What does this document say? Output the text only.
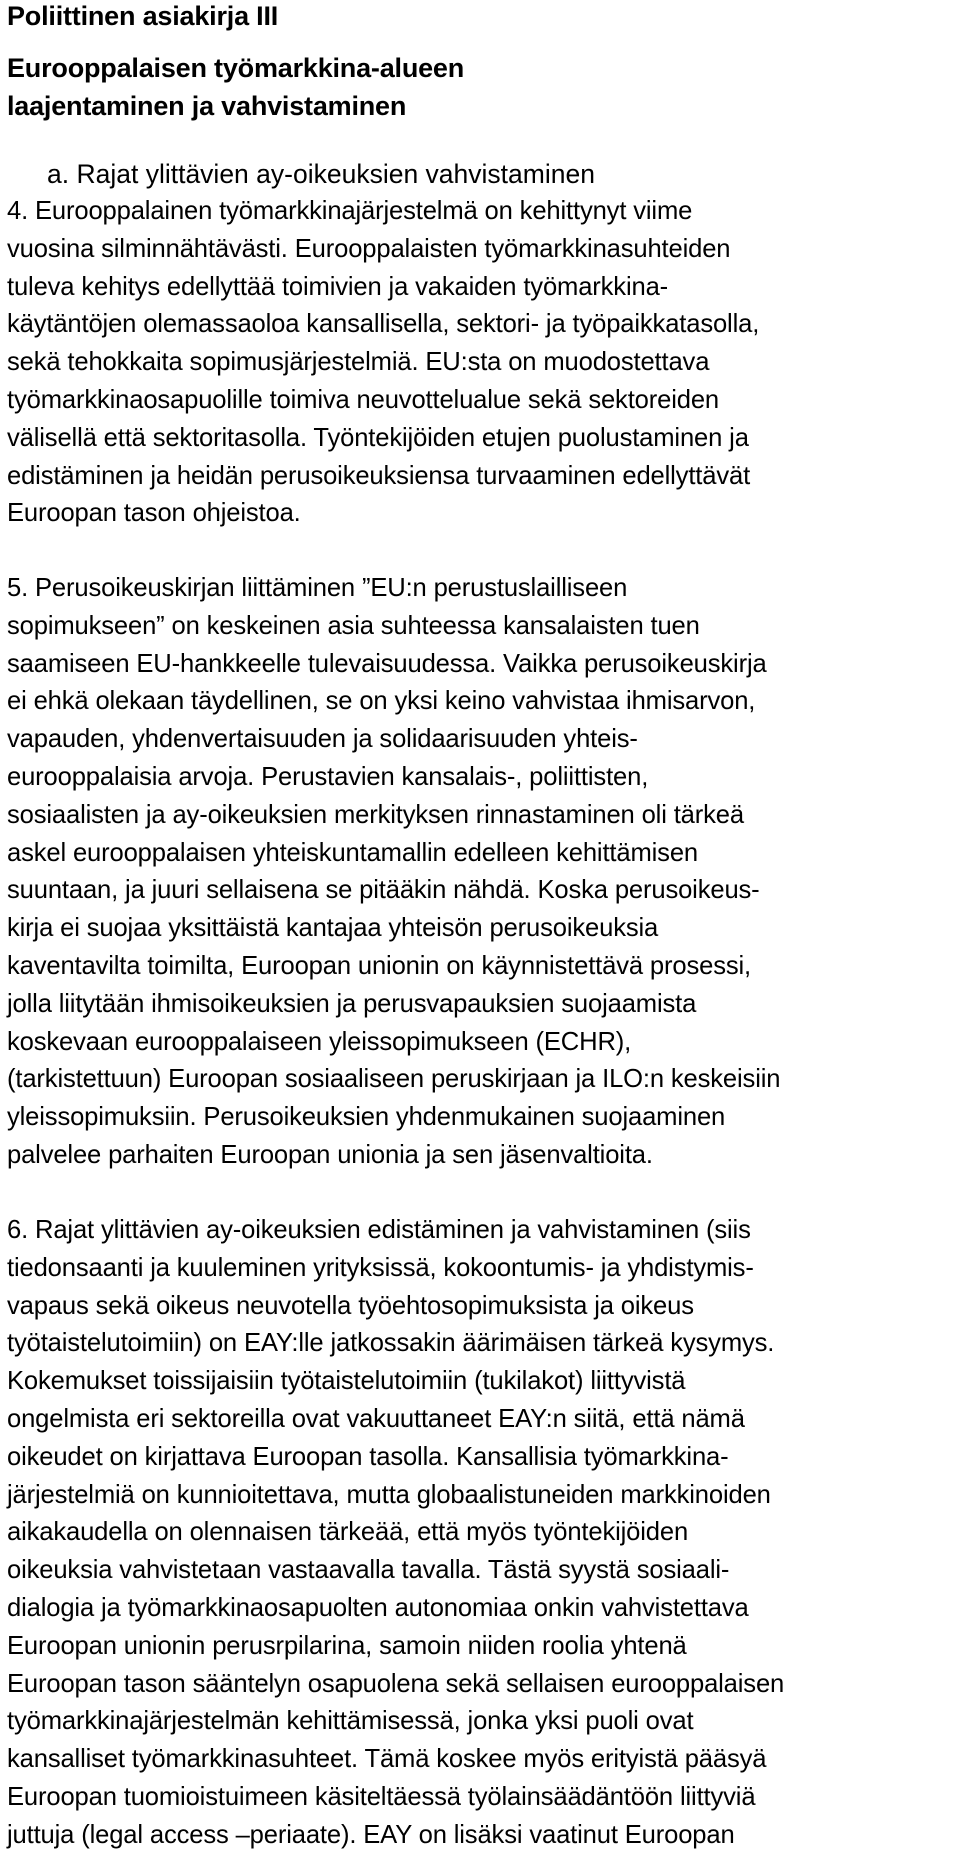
Poliittinen asiakirja III
Eurooppalaisen työmarkkina-alueen
laajentaminen ja vahvistaminen
a. Rajat ylittävien ay-oikeuksien vahvistaminen

4. Eurooppalainen työmarkkinajärjestelmä on kehittynyt viime
vuosina silminnähtävästi. Eurooppalaisten työmarkkinasuhteiden
tuleva kehitys edellyttää toimivien ja vakaiden työmarkkina-
käytäntöjen olemassaoloa kansallisella, sektori- ja työpaikkatasolla,
sekä tehokkaita sopimusjärjestelmiä. EU:sta on muodostettava
työmarkkinaosapuolille toimiva neuvottelualue sekä sektoreiden
välisellä että sektoritasolla. Työntekijöiden etujen puolustaminen ja
edistäminen ja heidän perusoikeuksiensa turvaaminen edellyttävät
Euroopan tason ohjeistoa.

5. Perusoikeuskirjan liittäminen ”EU:n perustuslailliseen
sopimukseen” on keskeinen asia suhteessa kansalaisten tuen
saamiseen EU-hankkeelle tulevaisuudessa. Vaikka perusoikeuskirja
ei ehkä olekaan täydellinen, se on yksi keino vahvistaa ihmisarvon,
vapauden, yhdenvertaisuuden ja solidaarisuuden yhteis-
eurooppalaisia arvoja. Perustavien kansalais-, poliittisten,
sosiaalisten ja ay-oikeuksien merkityksen rinnastaminen oli tärkeä
askel eurooppalaisen yhteiskuntamallin edelleen kehittämisen
suuntaan, ja juuri sellaisena se pitääkin nähdä. Koska perusoikeus-
kirja ei suojaa yksittäistä kantajaa yhteisön perusoikeuksia
kaventavilta toimilta, Euroopan unionin on käynnistettävä prosessi,
jolla liitytään ihmisoikeuksien ja perusvapauksien suojaamista
koskevaan eurooppalaiseen yleissopimukseen (ECHR),
(tarkistettuun) Euroopan sosiaaliseen peruskirjaan ja ILO:n keskeisiin
yleissopimuksiin. Perusoikeuksien yhdenmukainen suojaaminen
palvelee parhaiten Euroopan unionia ja sen jäsenvaltioita.

6. Rajat ylittävien ay-oikeuksien edistäminen ja vahvistaminen (siis
tiedonsaanti ja kuuleminen yrityksissä, kokoontumis- ja yhdistymis-
vapaus sekä oikeus neuvotella työehtosopimuksista ja oikeus
työtaistelutoimiin) on EAY:lle jatkossakin äärimäisen tärkeä kysymys.
Kokemukset toissijaisiin työtaistelutoimiin (tukilakot) liittyvistä
ongelmista eri sektoreilla ovat vakuuttaneet EAY:n siitä, että nämä
oikeudet on kirjattava Euroopan tasolla. Kansallisia työmarkkina-
järjestelmiä on kunnioitettava, mutta globaalistuneiden markkinoiden
aikakaudella on olennaisen tärkeää, että myös työntekijöiden
oikeuksia vahvistetaan vastaavalla tavalla. Tästä syystä sosiaali-
dialogia ja työmarkkinaosapuolten autonomiaa onkin vahvistettava
Euroopan unionin perusrpilarina, samoin niiden roolia yhtenä
Euroopan tason sääntelyn osapuolena sekä sellaisen eurooppalaisen
työmarkkinajärjestelmän kehittämisessä, jonka yksi puoli ovat
kansalliset työmarkkinasuhteet. Tämä koskee myös erityistä pääsyä
Euroopan tuomioistuimeen käsiteltäessä työlainsäädäntöön liittyviä
juttuja (legal access –periaate). EAY on lisäksi vaatinut Euroopan
